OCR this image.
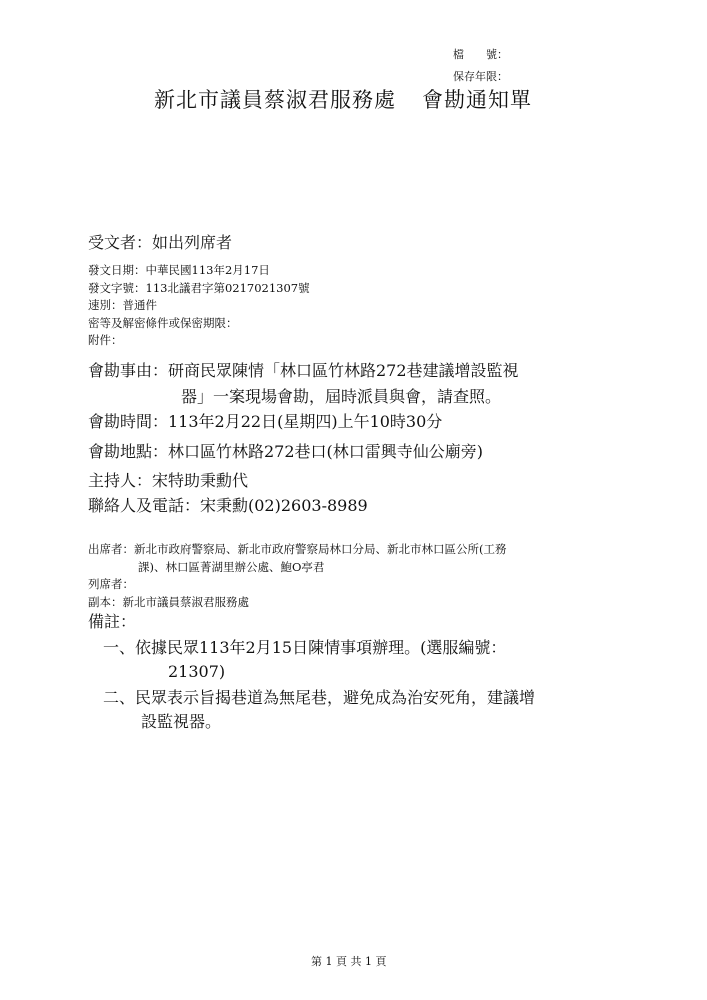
檔　　號：
保存年限：
新北市議員蔡淑君服務處 會勘通知單
受文者：如出列席者
發文日期：中華民國113年2月17日
發文字號：113北議君字第0217021307號
速別：普通件
密等及解密條件或保密期限：
附件：
會勘事由：研商民眾陳情「林口區竹林路272巷建議增設監視
器」一案現場會勘，屆時派員與會，請查照。
會勘時間：113年2月22日(星期四)上午10時30分
會勘地點：林口區竹林路272巷口(林口雷興寺仙公廟旁)
主持人：宋特助秉勳代
聯絡人及電話：宋秉勳(02)2603-8989
出席者：新北市政府警察局、新北市政府警察局林口分局、新北市林口區公所(工務
課)、林口區菁湖里辦公處、鮑O亭君
列席者：
副本：新北市議員蔡淑君服務處
備註：
一、依據民眾113年2月15日陳情事項辦理。(選服編號：
21307)
二、民眾表示旨揭巷道為無尾巷，避免成為治安死角，建議增
設監視器。
第 1 頁 共 1 頁
